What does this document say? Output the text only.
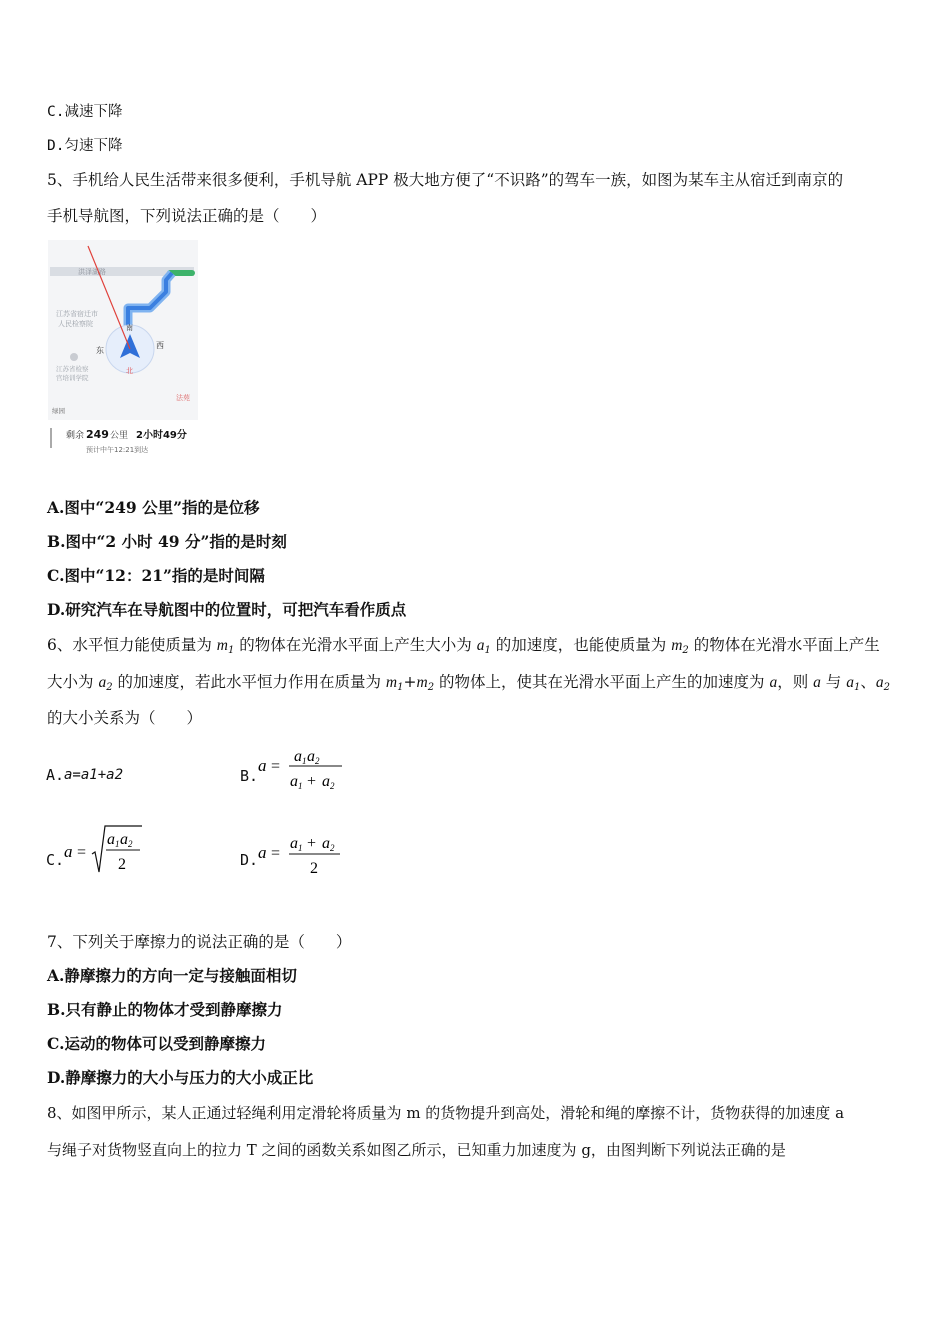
C.减速下降
D.匀速下降
5、手机给人民生活带来很多便利，手机导航 APP 极大地方便了“不识路”的驾车一族，如图为某车主从宿迁到南京的
手机导航图，下列说法正确的是（　　）
洪泽湖路
江苏省宿迁市
人民检察院
江苏省检察
官培训学院
东
西
北
南
绿园
法苑
剩余 249 公里 2小时49分
预计中午12:21到达
A.图中“249 公里”指的是位移
B.图中“2 小时 49 分”指的是时刻
C.图中“12：21”指的是时间隔
D.研究汽车在导航图中的位置时，可把汽车看作质点
6、水平恒力能使质量为 $m_1$ 的物体在光滑水平面上产生大小为 $a_1$ 的加速度，也能使质量为 $m_2$ 的物体在光滑水平面上产生
大小为 $a_2$ 的加速度，若此水平恒力作用在质量为 $m_1+m_2$ 的物体上，使其在光滑水平面上产生的加速度为 a，则 a 与 $a_1$、$a_2$
的大小关系为（　　）
A. a=a1+a2	B.
a =
a 1 a 2
a 1 + a 2
C. a =
a 1 a 2
2	D. a =
a 1 + a 2
2
7、下列关于摩擦力的说法正确的是（　　）
A.静摩擦力的方向一定与接触面相切
B.只有静止的物体才受到静摩擦力
C.运动的物体可以受到静摩擦力
D.静摩擦力的大小与压力的大小成正比
8、如图甲所示，某人正通过轻绳利用定滑轮将质量为 m 的货物提升到高处，滑轮和绳的摩擦不计，货物获得的加速度 a
与绳子对货物竖直向上的拉力 T 之间的函数关系如图乙所示，已知重力加速度为 g，由图判断下列说法正确的是
